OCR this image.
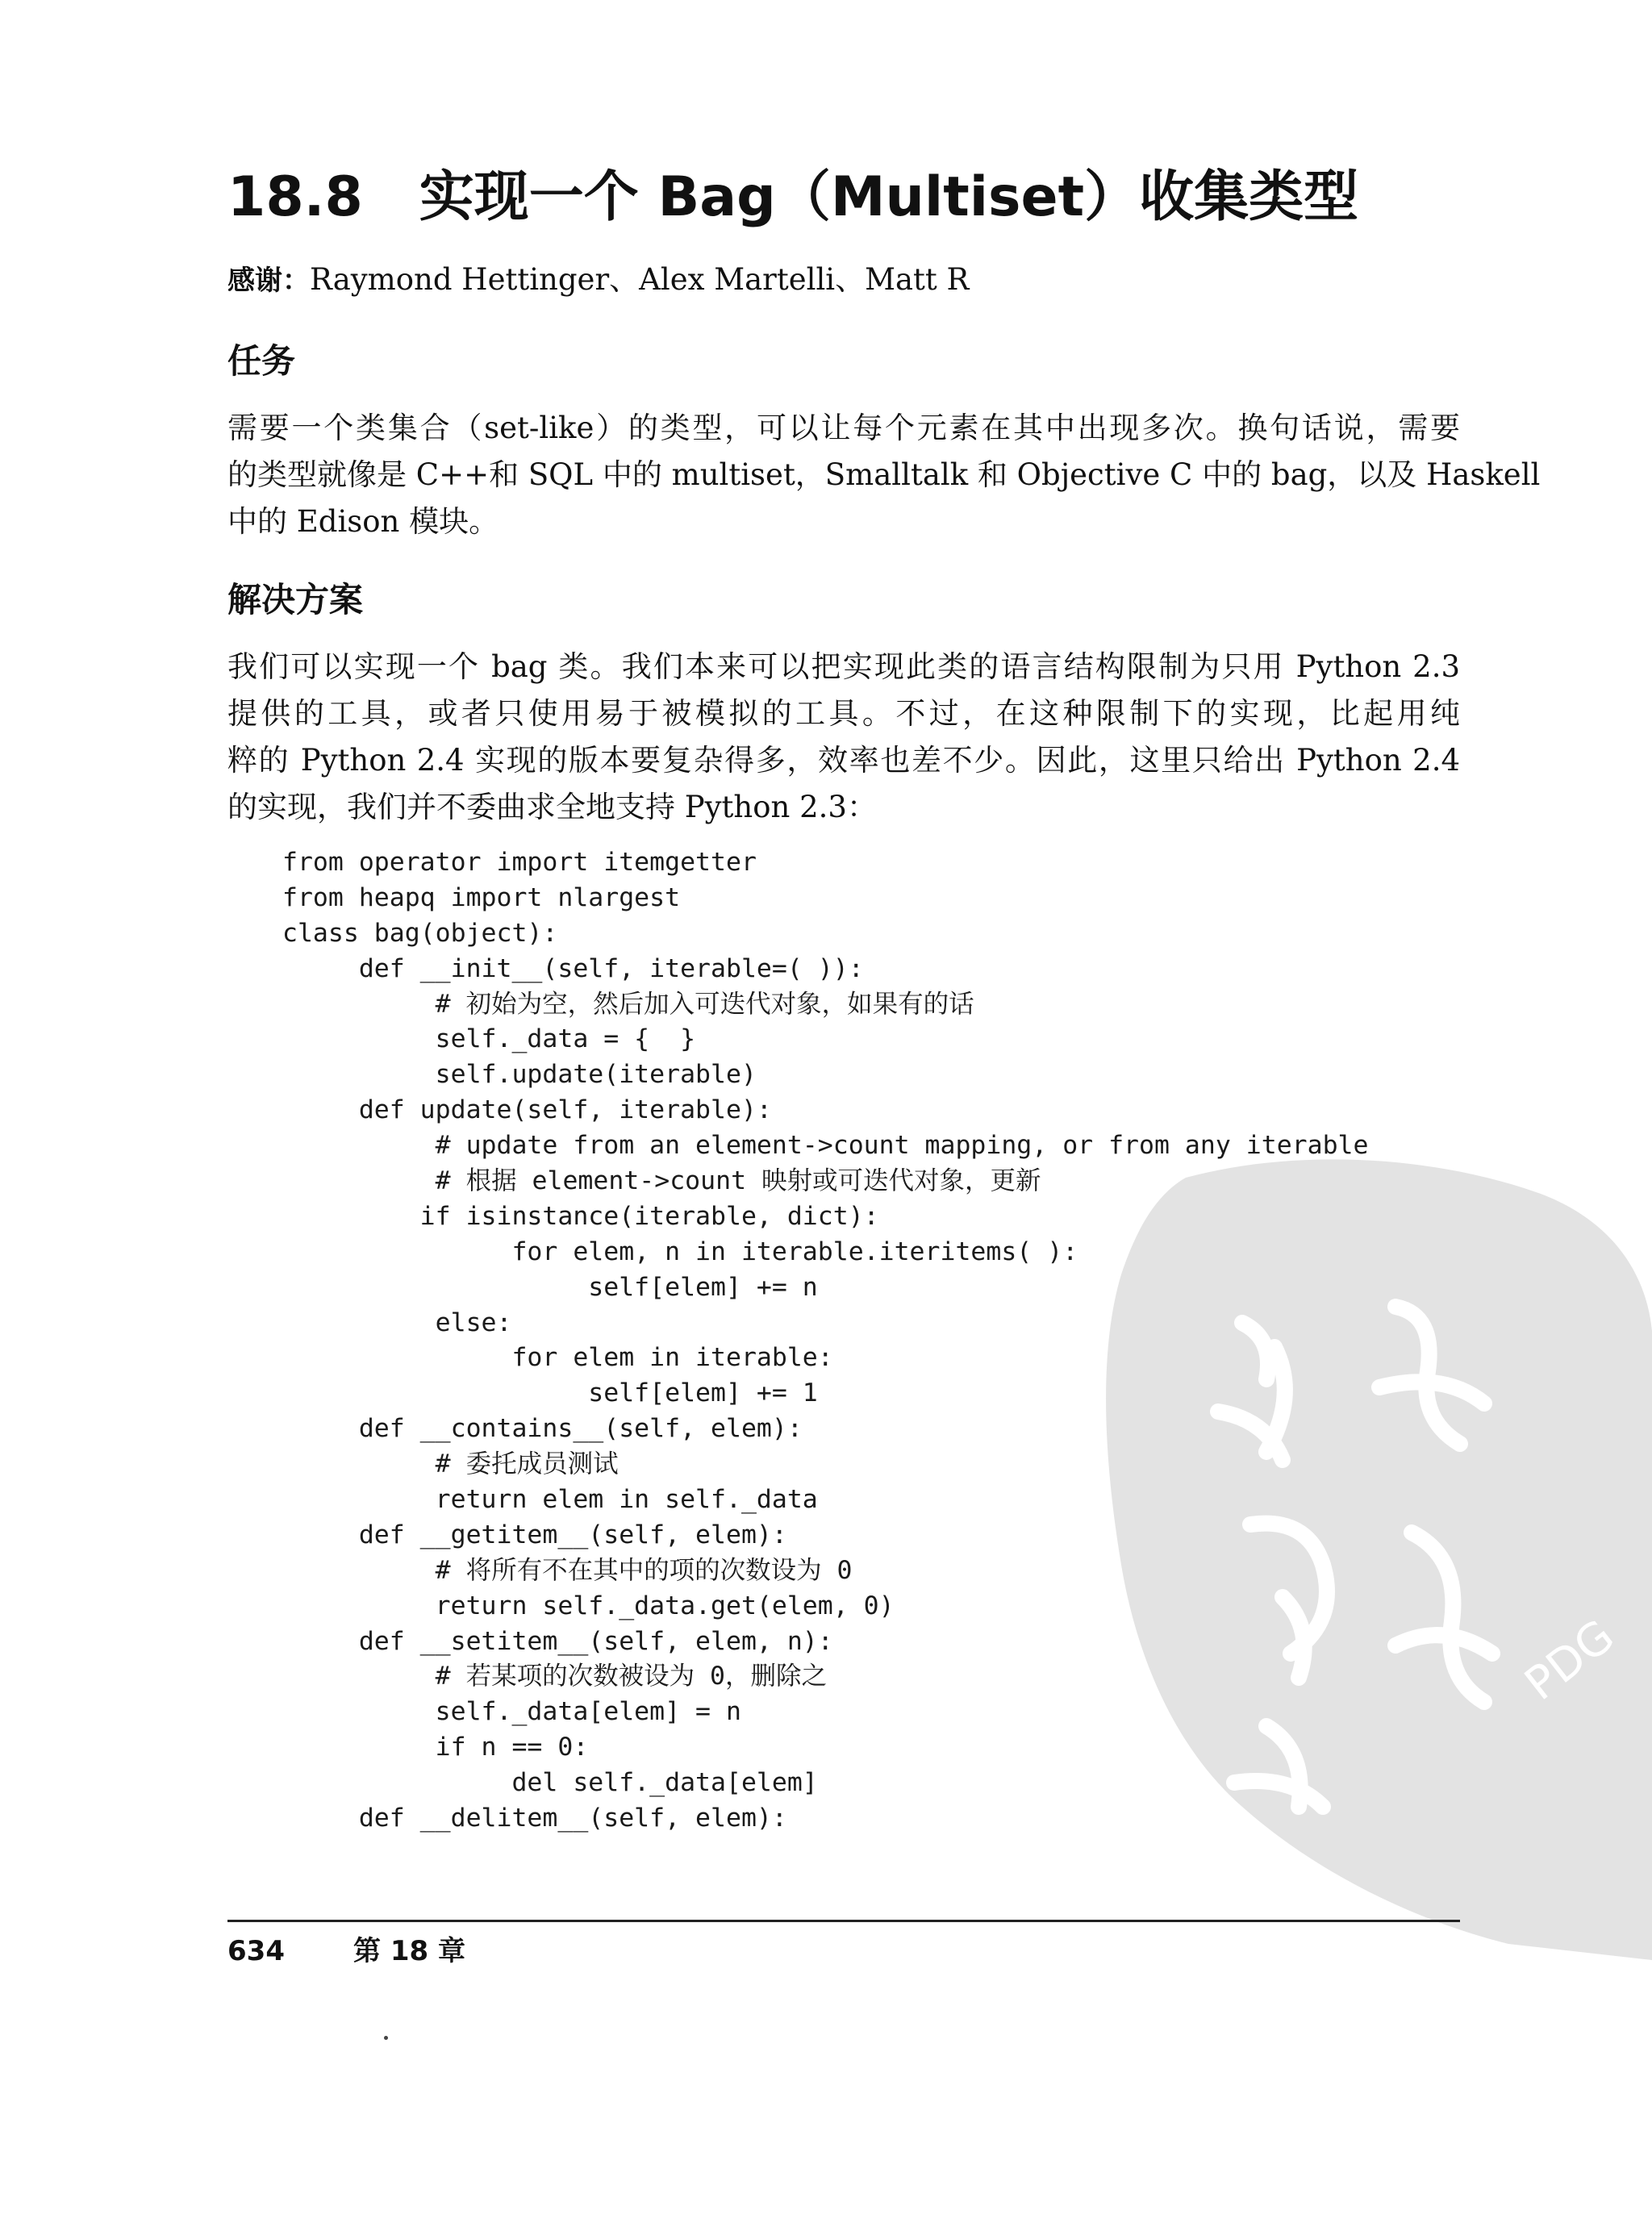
18.8 实现一个 Bag（Multiset）收集类型
感谢：Raymond Hettinger、Alex Martelli、Matt R
任务

需要一个类集合（set-like）的类型，可以让每个元素在其中出现多次。换句话说，需要
的类型就像是 C++和 SQL 中的 multiset，Smalltalk 和 Objective C 中的 bag，以及 Haskell
中的 Edison 模块。

解决方案

我们可以实现一个 bag 类。我们本来可以把实现此类的语言结构限制为只用 Python 2.3
提供的工具，或者只使用易于被模拟的工具。不过，在这种限制下的实现，比起用纯
粹的 Python 2.4 实现的版本要复杂得多，效率也差不少。因此，这里只给出 Python 2.4
的实现，我们并不委曲求全地支持 Python 2.3：

from operator import itemgetter
from heapq import nlargest
class bag(object):
def __init__(self, iterable=( )):
# 初始为空，然后加入可迭代对象，如果有的话
self._data = {  }
self.update(iterable)
def update(self, iterable):
# update from an element->count mapping, or from any iterable
# 根据 element->count 映射或可迭代对象，更新
if isinstance(iterable, dict):
for elem, n in iterable.iteritems( ):
self[elem] += n
else:
for elem in iterable:
self[elem] += 1
def __contains__(self, elem):
# 委托成员测试
return elem in self._data
def __getitem__(self, elem):
# 将所有不在其中的项的次数设为 0
return self._data.get(elem, 0)
def __setitem__(self, elem, n):
# 若某项的次数被设为 0，删除之
self._data[elem] = n
if n == 0:
del self._data[elem]
def __delitem__(self, elem):
PDG
634	第 18 章
